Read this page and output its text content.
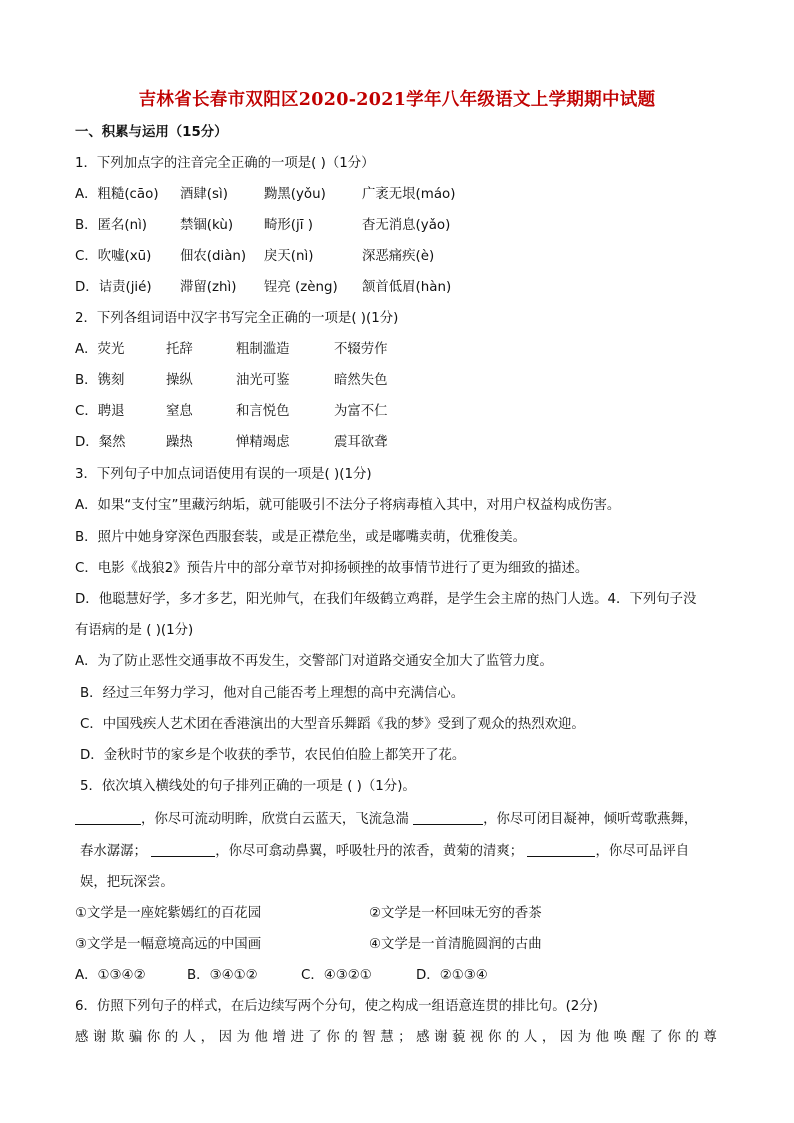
吉林省长春市双阳区2020-2021学年八年级语文上学期期中试题
一、积累与运用（15分）
1．下列加点字的注音完全正确的一项是( )（1分）
A．粗糙(cāo) 酒肆(sì)	黝黑(yǒu)	广袤无垠(máo)
B．匿名(nì) 禁锢(kù) 畸形(jī )	杳无消息(yǎo)
C．吹嘘(xū) 佃农(diàn) 戾天(nì)	深恶痛疾(è)
D．诘责(jié) 滞留(zhì) 锃亮 (zèng) 颔首低眉(hàn)
2．下列各组词语中汉字书写完全正确的一项是( )(1分)
A．荧光	托辞	粗制滥造	不辍劳作
B．镌刻	操纵	油光可鉴	暗然失色
C．聘退	窒息	和言悦色	为富不仁
D．粲然	躁热	惮精竭虑	震耳欲聋
3．下列句子中加点词语使用有误的一项是( )(1分)
A．如果“支付宝”里藏污纳垢，就可能吸引不法分子将病毒植入其中，对用户权益构成伤害。
B．照片中她身穿深色西服套装，或是正襟危坐，或是嘟嘴卖萌，优雅俊美。
C．电影《战狼2》预告片中的部分章节对抑扬顿挫的故事情节进行了更为细致的描述。
D．他聪慧好学，多才多艺，阳光帅气，在我们年级鹤立鸡群，是学生会主席的热门人选。4．下列句子没
有语病的是 ( )(1分)
A．为了防止恶性交通事故不再发生，交警部门对道路交通安全加大了监管力度。
B．经过三年努力学习，他对自己能否考上理想的高中充满信心。
C．中国残疾人艺术团在香港演出的大型音乐舞蹈《我的梦》受到了观众的热烈欢迎。
D．金秋时节的家乡是个收获的季节，农民伯伯脸上都笑开了花。
5．依次填入横线处的句子排列正确的一项是 ( )（1分)。
，你尽可流动明眸，欣赏白云蓝天，飞流急湍	，你尽可闭目凝神，倾听莺歌燕舞，
春水潺潺；	，你尽可翕动鼻翼，呼吸牡丹的浓香，黄菊的清爽；	，你尽可品评自
娱，把玩深尝。
①文学是一座姹紫嫣红的百花园	②文学是一杯回味无穷的香茶
③文学是一幅意境高远的中国画	④文学是一首清脆圆润的古曲
A．①③④②	B．③④①②	C．④③②①	D．②①③④
6．仿照下列句子的样式，在后边续写两个分句，使之构成一组语意连贯的排比句。(2分)
感谢欺骗你的人，因为他增进了你的智慧；感谢藐视你的人，因为他唤醒了你的尊
